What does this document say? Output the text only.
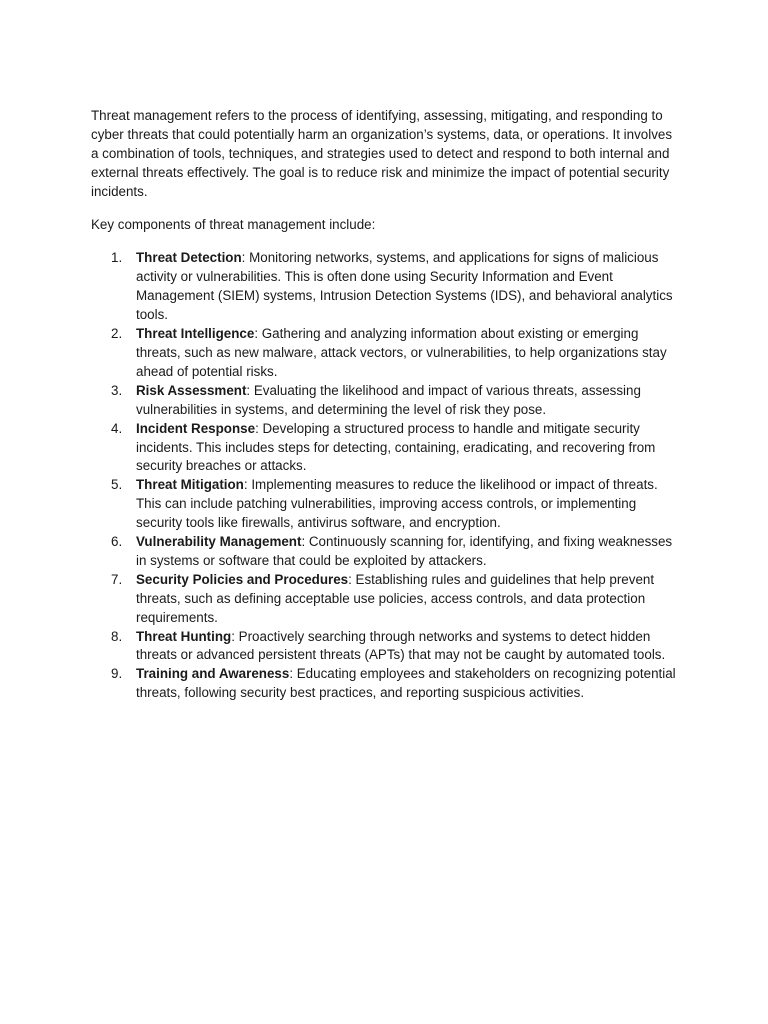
Threat management refers to the process of identifying, assessing, mitigating, and responding to cyber threats that could potentially harm an organization’s systems, data, or operations. It involves a combination of tools, techniques, and strategies used to detect and respond to both internal and external threats effectively. The goal is to reduce risk and minimize the impact of potential security incidents.

Key components of threat management include:

1. Threat Detection: Monitoring networks, systems, and applications for signs of malicious activity or vulnerabilities. This is often done using Security Information and Event Management (SIEM) systems, Intrusion Detection Systems (IDS), and behavioral analytics tools.
2. Threat Intelligence: Gathering and analyzing information about existing or emerging threats, such as new malware, attack vectors, or vulnerabilities, to help organizations stay ahead of potential risks.
3. Risk Assessment: Evaluating the likelihood and impact of various threats, assessing vulnerabilities in systems, and determining the level of risk they pose.
4. Incident Response: Developing a structured process to handle and mitigate security incidents. This includes steps for detecting, containing, eradicating, and recovering from security breaches or attacks.
5. Threat Mitigation: Implementing measures to reduce the likelihood or impact of threats. This can include patching vulnerabilities, improving access controls, or implementing security tools like firewalls, antivirus software, and encryption.
6. Vulnerability Management: Continuously scanning for, identifying, and fixing weaknesses in systems or software that could be exploited by attackers.
7. Security Policies and Procedures: Establishing rules and guidelines that help prevent threats, such as defining acceptable use policies, access controls, and data protection requirements.
8. Threat Hunting: Proactively searching through networks and systems to detect hidden threats or advanced persistent threats (APTs) that may not be caught by automated tools.
9. Training and Awareness: Educating employees and stakeholders on recognizing potential threats, following security best practices, and reporting suspicious activities.
